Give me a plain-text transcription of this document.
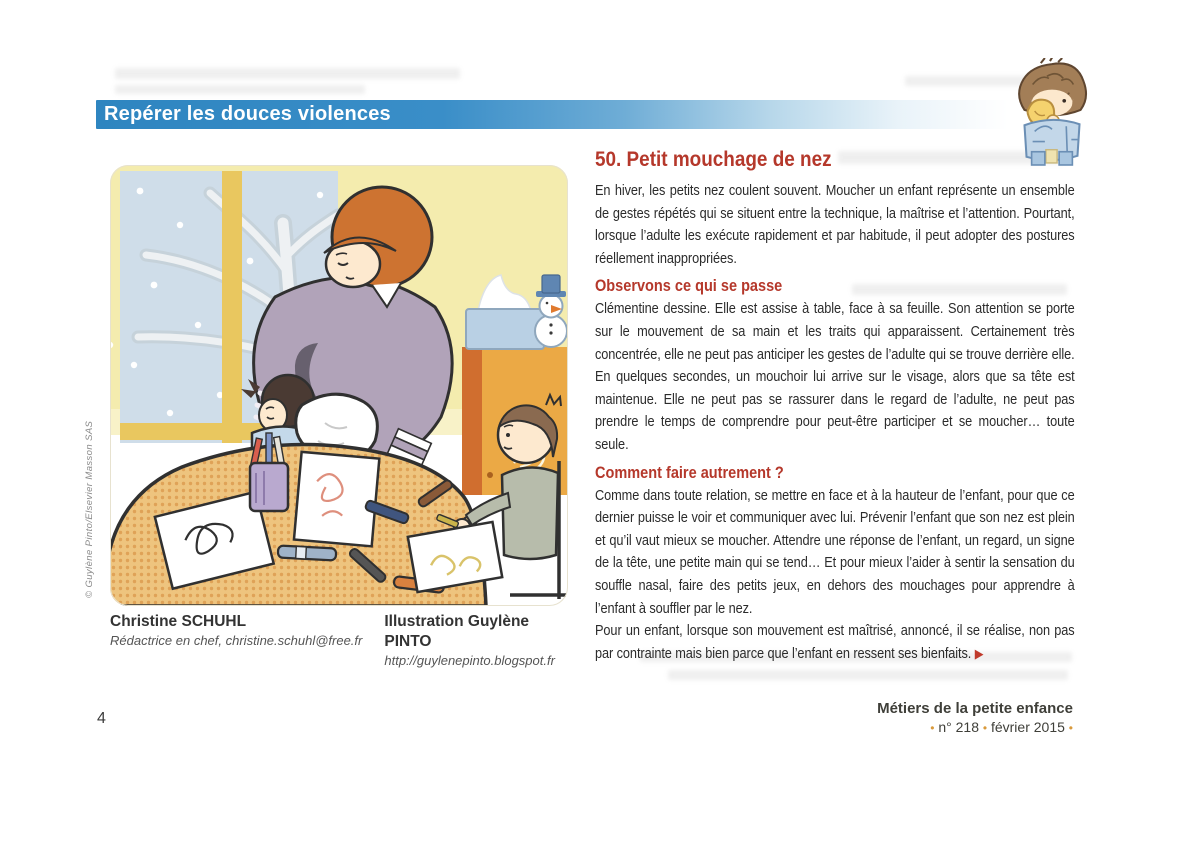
Repérer les douces violences
© Guylène Pinto/Elsevier Masson SAS
Christine SCHUHL
Rédactrice en chef, christine.schuhl@free.fr
Illustration Guylène PINTO
http://guylenepinto.blogspot.fr
50. Petit mouchage de nez

En hiver, les petits nez coulent souvent. Moucher un enfant représente un ensemble de gestes répétés qui se situent entre la technique, la maîtrise et l’attention. Pourtant, lorsque l’adulte les exécute rapidement et par habitude, il peut adopter des postures réellement inappropriées.

Observons ce qui se passe

Clémentine dessine. Elle est assise à table, face à sa feuille. Son attention se porte sur le mouvement de sa main et les traits qui apparaissent. Certainement très concentrée, elle ne peut pas anticiper les gestes de l’adulte qui se trouve derrière elle. En quelques secondes, un mouchoir lui arrive sur le visage, alors que sa tête est maintenue. Elle ne peut pas se rassurer dans le regard de l’adulte, ne peut pas prendre le temps de comprendre pour peut-être participer et se moucher… toute seule.

Comment faire autrement ?

Comme dans toute relation, se mettre en face et à la hauteur de l’enfant, pour que ce dernier puisse le voir et communiquer avec lui. Prévenir l’enfant que son nez est plein et qu’il vaut mieux se moucher. Attendre une réponse de l’enfant, un regard, un signe de la tête, une petite main qui se tend… Et pour mieux l’aider à sentir la sensation du souffle nasal, faire des petits jeux, en dehors des mouchages pour apprendre à l’enfant à souffler par le nez.

Pour un enfant, lorsque son mouvement est maîtrisé, annoncé, il se réalise, non pas par contrainte mais bien parce que l’enfant en ressent ses bienfaits. ▶

Métiers de la petite enfance
• n° 218 • février 2015 •
4
